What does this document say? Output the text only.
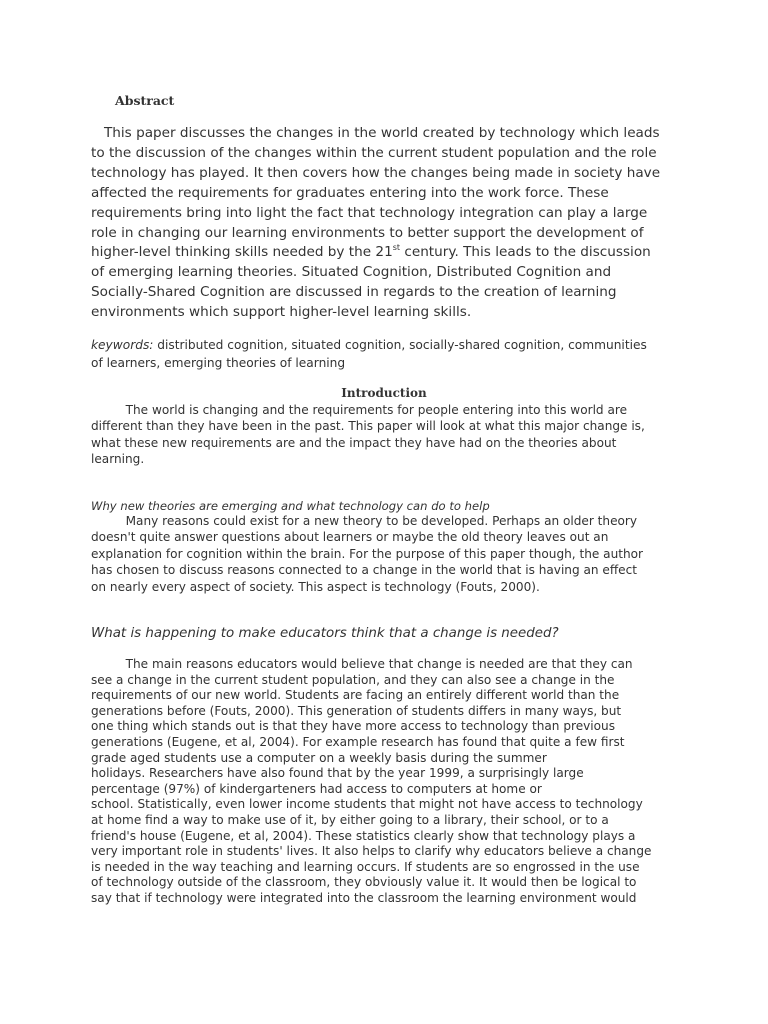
Abstract

This paper discusses the changes in the world created by technology which leads

to the discussion of the changes within the current student population and the role

technology has played. It then covers how the changes being made in society have

affected the requirements for graduates entering into the work force. These

requirements bring into light the fact that technology integration can play a large

role in changing our learning environments to better support the development of

higher-level thinking skills needed by the 21st century. This leads to the discussion

of emerging learning theories. Situated Cognition, Distributed Cognition and

Socially-Shared Cognition are discussed in regards to the creation of learning

environments which support higher-level learning skills.

keywords: distributed cognition, situated cognition, socially-shared cognition, communities

of learners, emerging theories of learning

Introduction

The world is changing and the requirements for people entering into this world are

different than they have been in the past. This paper will look at what this major change is,

what these new requirements are and the impact they have had on the theories about

learning.

Why new theories are emerging and what technology can do to help

Many reasons could exist for a new theory to be developed. Perhaps an older theory

doesn't quite answer questions about learners or maybe the old theory leaves out an

explanation for cognition within the brain. For the purpose of this paper though, the author

has chosen to discuss reasons connected to a change in the world that is having an effect

on nearly every aspect of society. This aspect is technology (Fouts, 2000).

What is happening to make educators think that a change is needed?

The main reasons educators would believe that change is needed are that they can

see a change in the current student population, and they can also see a change in the

requirements of our new world. Students are facing an entirely different world than the

generations before (Fouts, 2000). This generation of students differs in many ways, but

one thing which stands out is that they have more access to technology than previous

generations (Eugene, et al, 2004). For example research has found that quite a few first

grade aged students use a computer on a weekly basis during the summer

holidays. Researchers have also found that by the year 1999, a surprisingly large

percentage (97%) of kindergarteners had access to computers at home or

school. Statistically, even lower income students that might not have access to technology

at home find a way to make use of it, by either going to a library, their school, or to a

friend's house (Eugene, et al, 2004). These statistics clearly show that technology plays a

very important role in students' lives. It also helps to clarify why educators believe a change

is needed in the way teaching and learning occurs. If students are so engrossed in the use

of technology outside of the classroom, they obviously value it. It would then be logical to

say that if technology were integrated into the classroom the learning environment would
